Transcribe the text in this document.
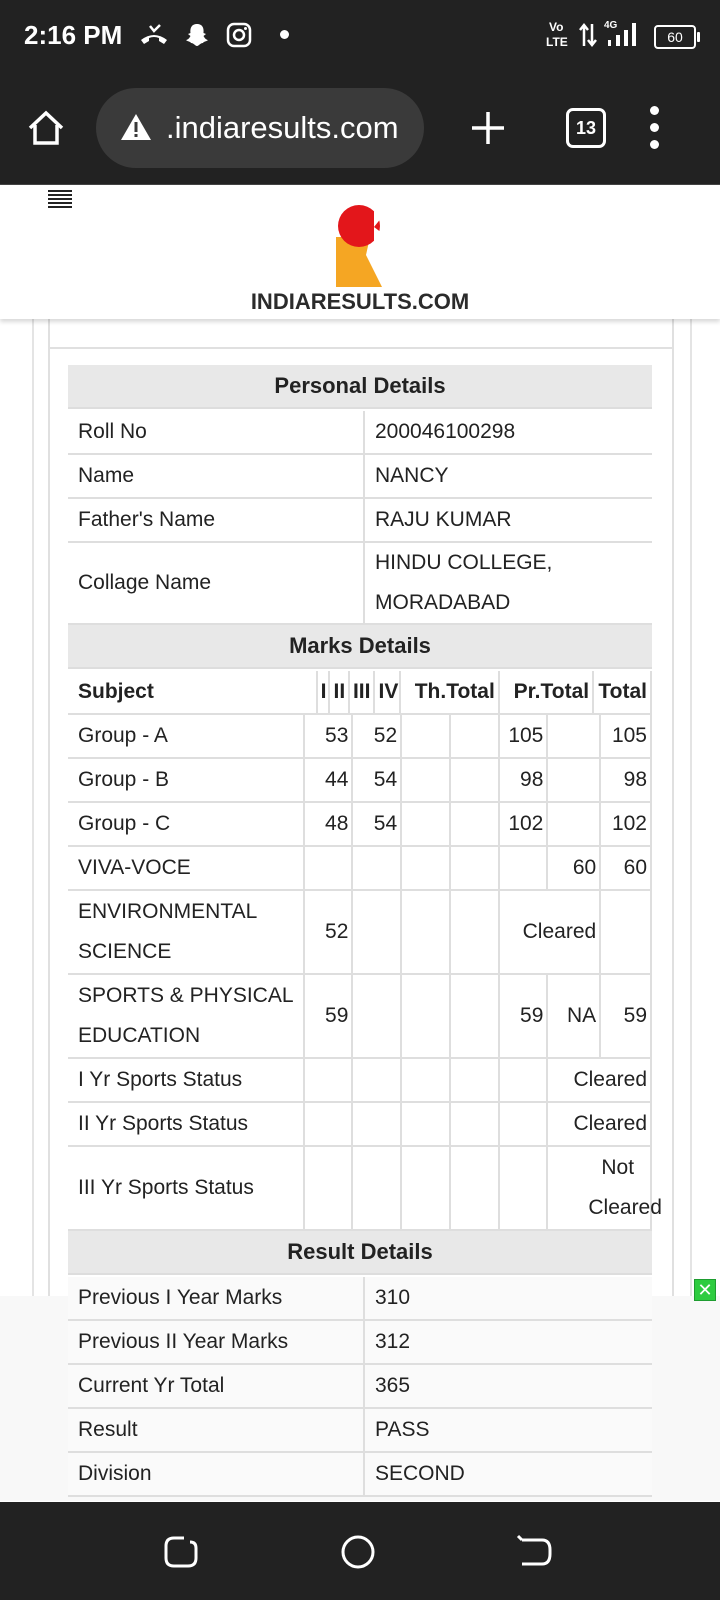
2:16 PM	Vo
LTE
4G
60
.indiaresults.com	13
INDIARESULTS.COM
Personal Details
Roll No	200046100298
Name	NANCY
Father's Name	RAJU KUMAR
Collage Name	HINDU COLLEGE, MORADABAD
Marks Details
Subject	I	II	III	IV	Th.Total	Pr.Total	Total
Group - A	53	52			105		105
Group - B	44	54			98		98
Group - C	48	54			102		102
VIVA-VOCE						60	60
ENVIRONMENTAL SCIENCE	52				Cleared		
SPORTS & PHYSICAL EDUCATION	59				59	NA	59
I Yr Sports Status						Cleared	
II Yr Sports Status						Cleared	
III Yr Sports Status						Not Cleared	
Result Details
Previous I Year Marks	310
Previous II Year Marks	312
Current Yr Total	365
Result	PASS
Division	SECOND
✕
